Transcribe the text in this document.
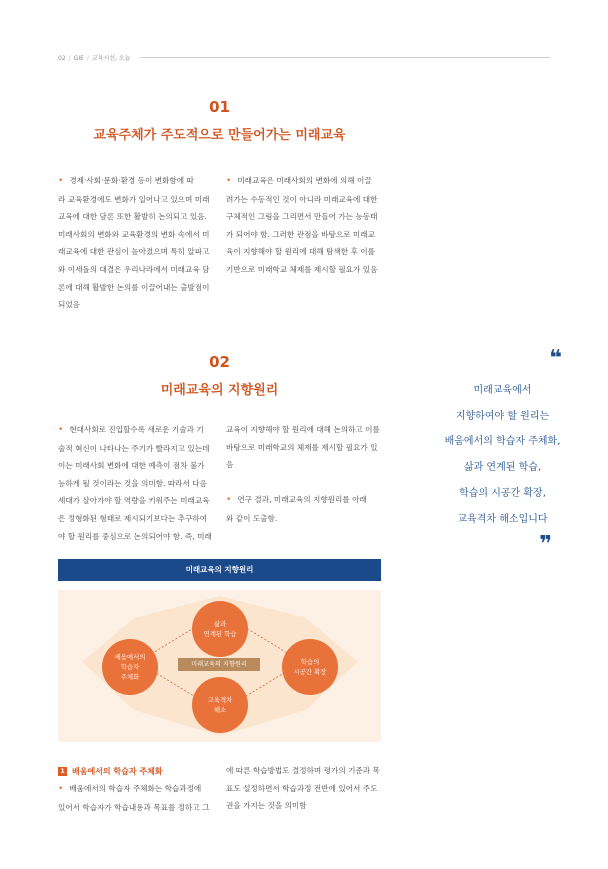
02 / GIE / 교육시선, 오늘
01
교육주체가 주도적으로 만들어가는 미래교육
• 경제·사회·문화·환경 등이 변화함에 따
라 교육환경에도 변화가 일어나고 있으며 미래
교육에 대한 담론 또한 활발히 논의되고 있음.
미래사회의 변화와 교육환경의 변화 속에서 미
래교육에 대한 관심이 높아졌으며 특히 알파고
와 이세돌의 대결은 우리나라에서 미래교육 담
론에 대해 활발한 논의를 이끌어내는 출발점이
되었음
• 미래교육은 미래사회의 변화에 의해 이끌
려가는 수동적인 것이 아니라 미래교육에 대한
구체적인 그림을 그리면서 만들어 가는 능동태
가 되어야 함. 그러한 관점을 바탕으로 미래교
육이 지향해야 할 원리에 대해 탐색한 후 이를
기반으로 미래학교 체제를 제시할 필요가 있음
02
미래교육의 지향원리
• 현대사회로 진입할수록 새로운 기술과 기
술적 혁신이 나타나는 주기가 빨라지고 있는데
이는 미래사회 변화에 대한 예측이 점차 불가
능하게 될 것이라는 것을 의미함. 따라서 다음
세대가 살아가야 할 역량을 키워주는 미래교육
은 정형화된 형태로 제시되기보다는 추구하여
야 할 원리를 중심으로 논의되어야 함. 즉, 미래
교육이 지향해야 할 원리에 대해 논의하고 이를
바탕으로 미래학교의 체제를 제시할 필요가 있
음
• 연구 결과, 미래교육의 지향원리를 아래
와 같이 도출함.
❝
미래교육에서
지향하여야 할 원리는
배움에서의 학습자 주체화,
삶과 연계된 학습,
학습의 시공간 확장,
교육격차 해소입니다
❞
미래교육의 지향원리
삶과
연계된 학습
배움에서의
학습자
주체화
학습의
시공간 확장
교육격차
해소
미래교육의 지향원리
1 배움에서의 학습자 주체화
• 배움에서의 학습자 주체화는 학습과정에
있어서 학습자가 학습내용과 목표를 정하고 그
에 따른 학습방법도 결정하며 평가의 기준과 목
표도 설정하면서 학습과정 전반에 있어서 주도
권을 가지는 것을 의미함
